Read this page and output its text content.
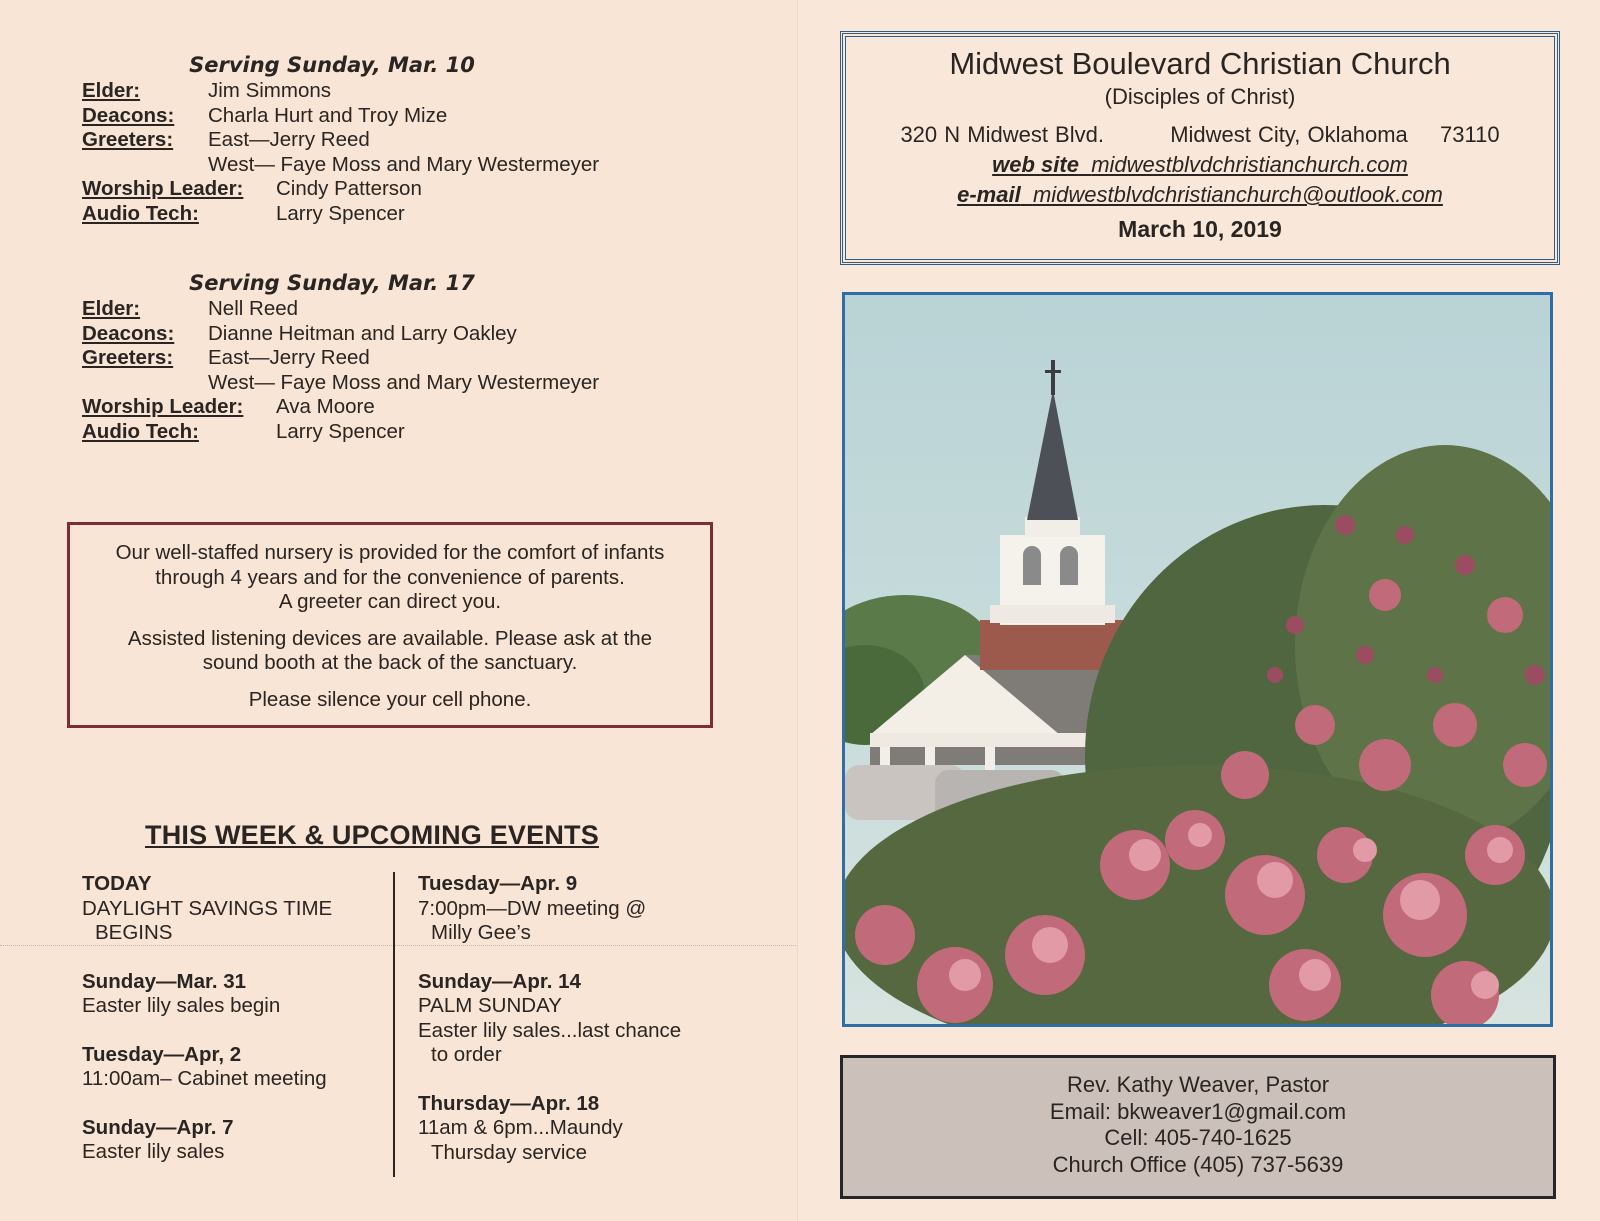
Serving Sunday, Mar. 10
Elder:	Jim Simmons
Deacons:	Charla Hurt and Troy Mize
Greeters:	East—Jerry Reed
West— Faye Moss and Mary Westermeyer
Worship Leader:	Cindy Patterson
Audio Tech:	Larry Spencer
Serving Sunday, Mar. 17
Elder:	Nell Reed
Deacons:	Dianne Heitman and Larry Oakley
Greeters:	East—Jerry Reed
West— Faye Moss and Mary Westermeyer
Worship Leader:	Ava Moore
Audio Tech:	Larry Spencer

Our well-staffed nursery is provided for the comfort of infants
through 4 years and for the convenience of parents.
A greeter can direct you.

Assisted listening devices are available. Please ask at the
sound booth at the back of the sanctuary.

Please silence your cell phone.

THIS WEEK & UPCOMING EVENTS
TODAY
DAYLIGHT SAVINGS TIME
BEGINS
Sunday—Mar. 31
Easter lily sales begin
Tuesday—Apr, 2
11:00am– Cabinet meeting
Sunday—Apr. 7
Easter lily sales
Tuesday—Apr. 9
7:00pm—DW meeting @
Milly Gee’s
Sunday—Apr. 14
PALM SUNDAY
Easter lily sales...last chance
to order
Thursday—Apr. 18
11am & 6pm...Maundy
Thursday service
Midwest Boulevard Christian Church
(Disciples of Christ)
320 N Midwest Blvd.	Midwest City, Oklahoma 73110
web site midwestblvdchristianchurch.com
e-mail midwestblvdchristianchurch@outlook.com
March 10, 2019
Rev. Kathy Weaver, Pastor
Email: bkweaver1@gmail.com
Cell: 405-740-1625
Church Office (405) 737-5639
